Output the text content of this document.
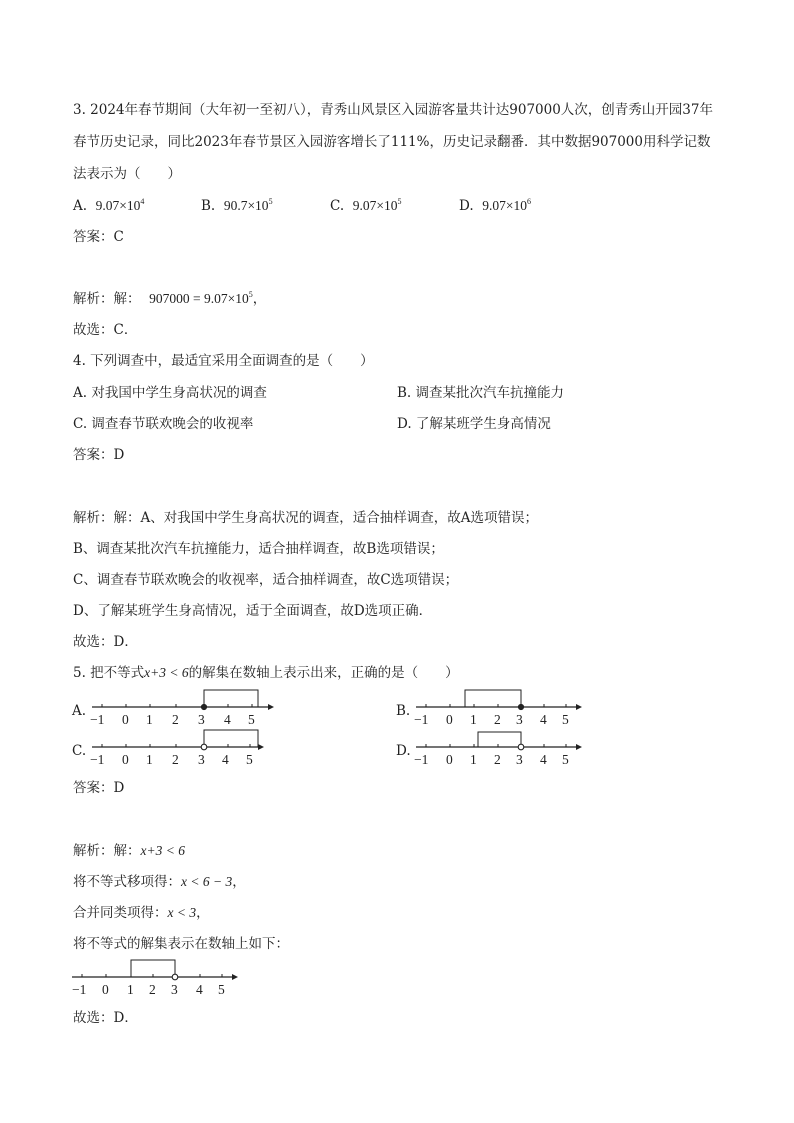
3. 2024年春节期间（大年初一至初八），青秀山风景区入园游客量共计达907000人次，创青秀山开园37年
春节历史记录，同比2023年春节景区入园游客增长了111%，历史记录翻番．其中数据907000用科学记数
法表示为（　　）
A. $9.07\times 10^4$	B. $90.7\times 10^5$	C. $9.07\times 10^5$	D. $9.07\times 10^6$
答案：C
解析：解： $907000 = 9.07\times 10^5$，
故选：C．
4. 下列调查中，最适宜采用全面调查的是（　　）
A. 对我国中学生身高状况的调查	B. 调查某批次汽车抗撞能力
C. 调查春节联欢晚会的收视率	D. 了解某班学生身高情况
答案：D
解析：解：A、对我国中学生身高状况的调查，适合抽样调查，故A选项错误；
B、调查某批次汽车抗撞能力，适合抽样调查，故B选项错误；
C、调查春节联欢晚会的收视率，适合抽样调查，故C选项错误；
D、了解某班学生身高情况，适于全面调查，故D选项正确．
故选：D．
5. 把不等式x+3 < 6的解集在数轴上表示出来，正确的是（　　）
A.
−1 0 1 2 3 4 5
B.
−1 0 1 2 3 4 5
C.
−1 0 1 2 3 4 5
D.
−1 0 1 2 3 4 5
答案：D
解析：解：x+3 < 6
将不等式移项得：x < 6 − 3，
合并同类项得：x < 3，
将不等式的解集表示在数轴上如下：
−1 0 1 2 3 4 5
故选：D．
